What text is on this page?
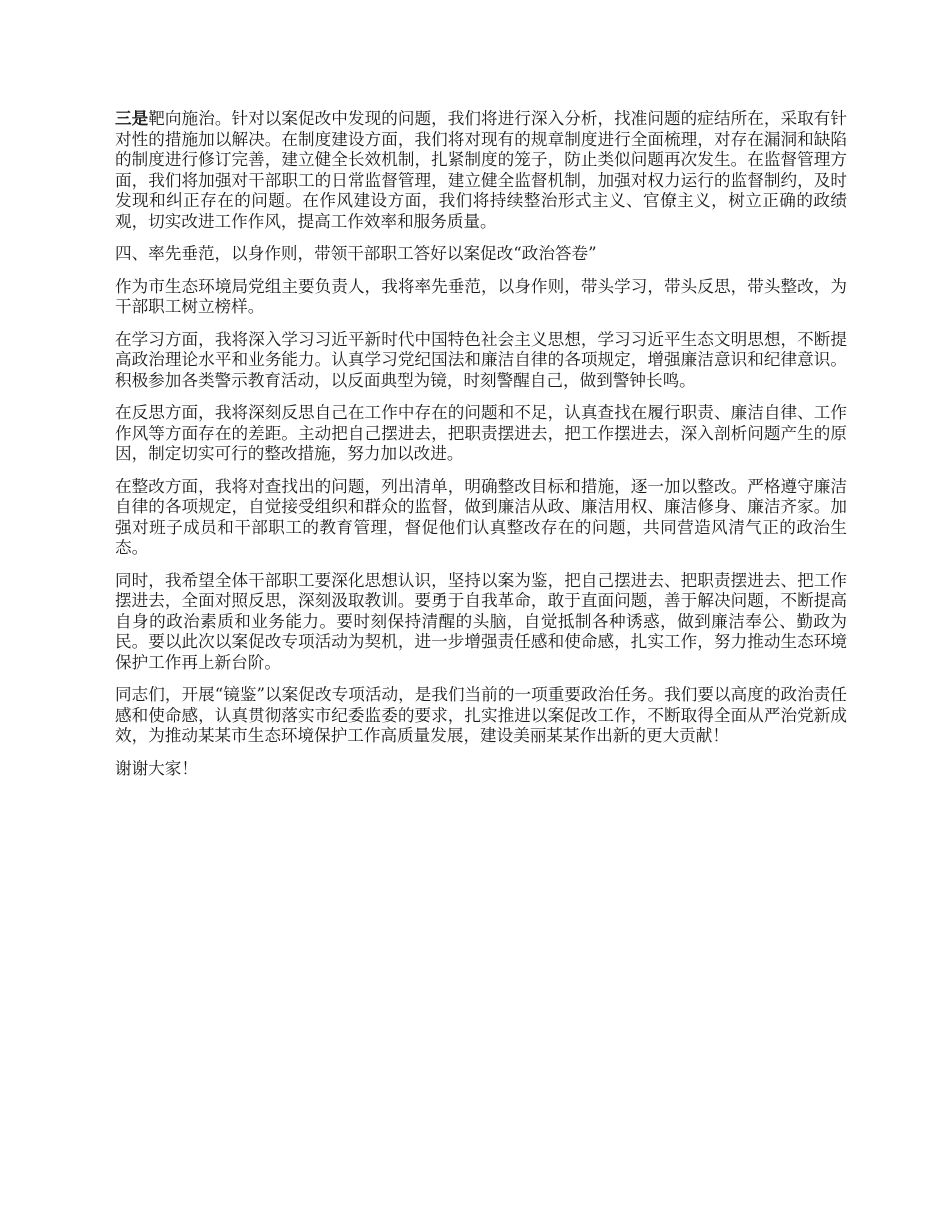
三是靶向施治。针对以案促改中发现的问题，我们将进行深入分析，找准问题的症结所在，采取有针对性的措施加以解决。在制度建设方面，我们将对现有的规章制度进行全面梳理，对存在漏洞和缺陷的制度进行修订完善，建立健全长效机制，扎紧制度的笼子，防止类似问题再次发生。在监督管理方面，我们将加强对干部职工的日常监督管理，建立健全监督机制，加强对权力运行的监督制约，及时发现和纠正存在的问题。在作风建设方面，我们将持续整治形式主义、官僚主义，树立正确的政绩观，切实改进工作作风，提高工作效率和服务质量。

四、率先垂范，以身作则，带领干部职工答好以案促改“政治答卷”

作为市生态环境局党组主要负责人，我将率先垂范，以身作则，带头学习，带头反思，带头整改，为干部职工树立榜样。

在学习方面，我将深入学习习近平新时代中国特色社会主义思想，学习习近平生态文明思想，不断提高政治理论水平和业务能力。认真学习党纪国法和廉洁自律的各项规定，增强廉洁意识和纪律意识。积极参加各类警示教育活动，以反面典型为镜，时刻警醒自己，做到警钟长鸣。

在反思方面，我将深刻反思自己在工作中存在的问题和不足，认真查找在履行职责、廉洁自律、工作作风等方面存在的差距。主动把自己摆进去，把职责摆进去，把工作摆进去，深入剖析问题产生的原因，制定切实可行的整改措施，努力加以改进。

在整改方面，我将对查找出的问题，列出清单，明确整改目标和措施，逐一加以整改。严格遵守廉洁自律的各项规定，自觉接受组织和群众的监督，做到廉洁从政、廉洁用权、廉洁修身、廉洁齐家。加强对班子成员和干部职工的教育管理，督促他们认真整改存在的问题，共同营造风清气正的政治生态。

同时，我希望全体干部职工要深化思想认识，坚持以案为鉴，把自己摆进去、把职责摆进去、把工作摆进去，全面对照反思，深刻汲取教训。要勇于自我革命，敢于直面问题，善于解决问题，不断提高自身的政治素质和业务能力。要时刻保持清醒的头脑，自觉抵制各种诱惑，做到廉洁奉公、勤政为民。要以此次以案促改专项活动为契机，进一步增强责任感和使命感，扎实工作，努力推动生态环境保护工作再上新台阶。

同志们，开展“镜鉴”以案促改专项活动，是我们当前的一项重要政治任务。我们要以高度的政治责任感和使命感，认真贯彻落实市纪委监委的要求，扎实推进以案促改工作，不断取得全面从严治党新成效，为推动某某市生态环境保护工作高质量发展，建设美丽某某作出新的更大贡献！

谢谢大家！
